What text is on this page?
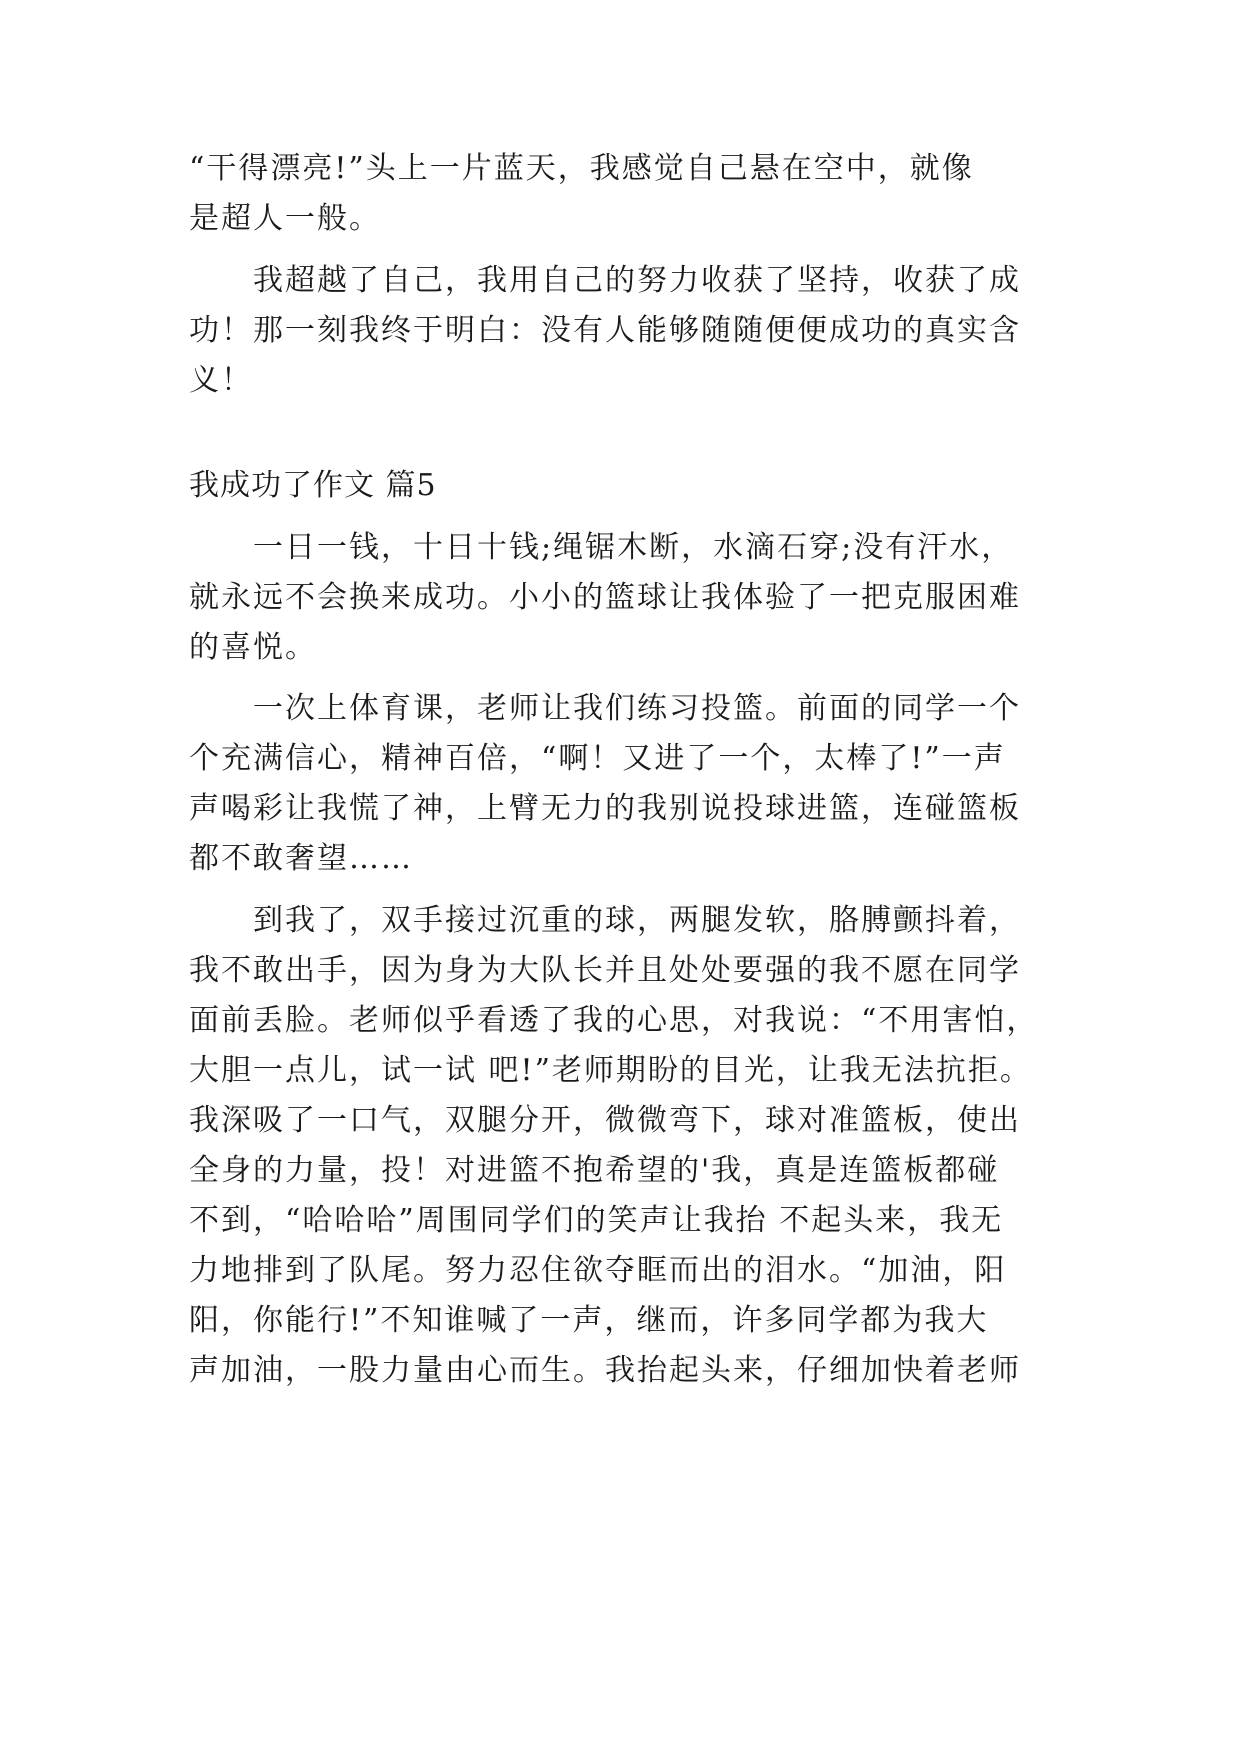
“干得漂亮!”头上一片蓝天，我感觉自己悬在空中，就像
是超人一般。
　　我超越了自己，我用自己的努力收获了坚持，收获了成
功！那一刻我终于明白：没有人能够随随便便成功的真实含
义！
我成功了作文 篇5
　　一日一钱，十日十钱;绳锯木断，水滴石穿;没有汗水，
就永远不会换来成功。小小的篮球让我体验了一把克服困难
的喜悦。
　　一次上体育课，老师让我们练习投篮。前面的同学一个
个充满信心，精神百倍，“啊！又进了一个，太棒了!”一声
声喝彩让我慌了神，上臂无力的我别说投球进篮，连碰篮板
都不敢奢望……
　　到我了，双手接过沉重的球，两腿发软，胳膊颤抖着，
我不敢出手，因为身为大队长并且处处要强的我不愿在同学
面前丢脸。老师似乎看透了我的心思，对我说：“不用害怕，
大胆一点儿，试一试 吧!”老师期盼的目光，让我无法抗拒。
我深吸了一口气，双腿分开，微微弯下，球对准篮板，使出
全身的力量，投！对进篮不抱希望的'我，真是连篮板都碰
不到，“哈哈哈”周围同学们的笑声让我抬 不起头来，我无
力地排到了队尾。努力忍住欲夺眶而出的泪水。“加油，阳
阳，你能行!”不知谁喊了一声，继而，许多同学都为我大
声加油，一股力量由心而生。我抬起头来，仔细加快着老师
